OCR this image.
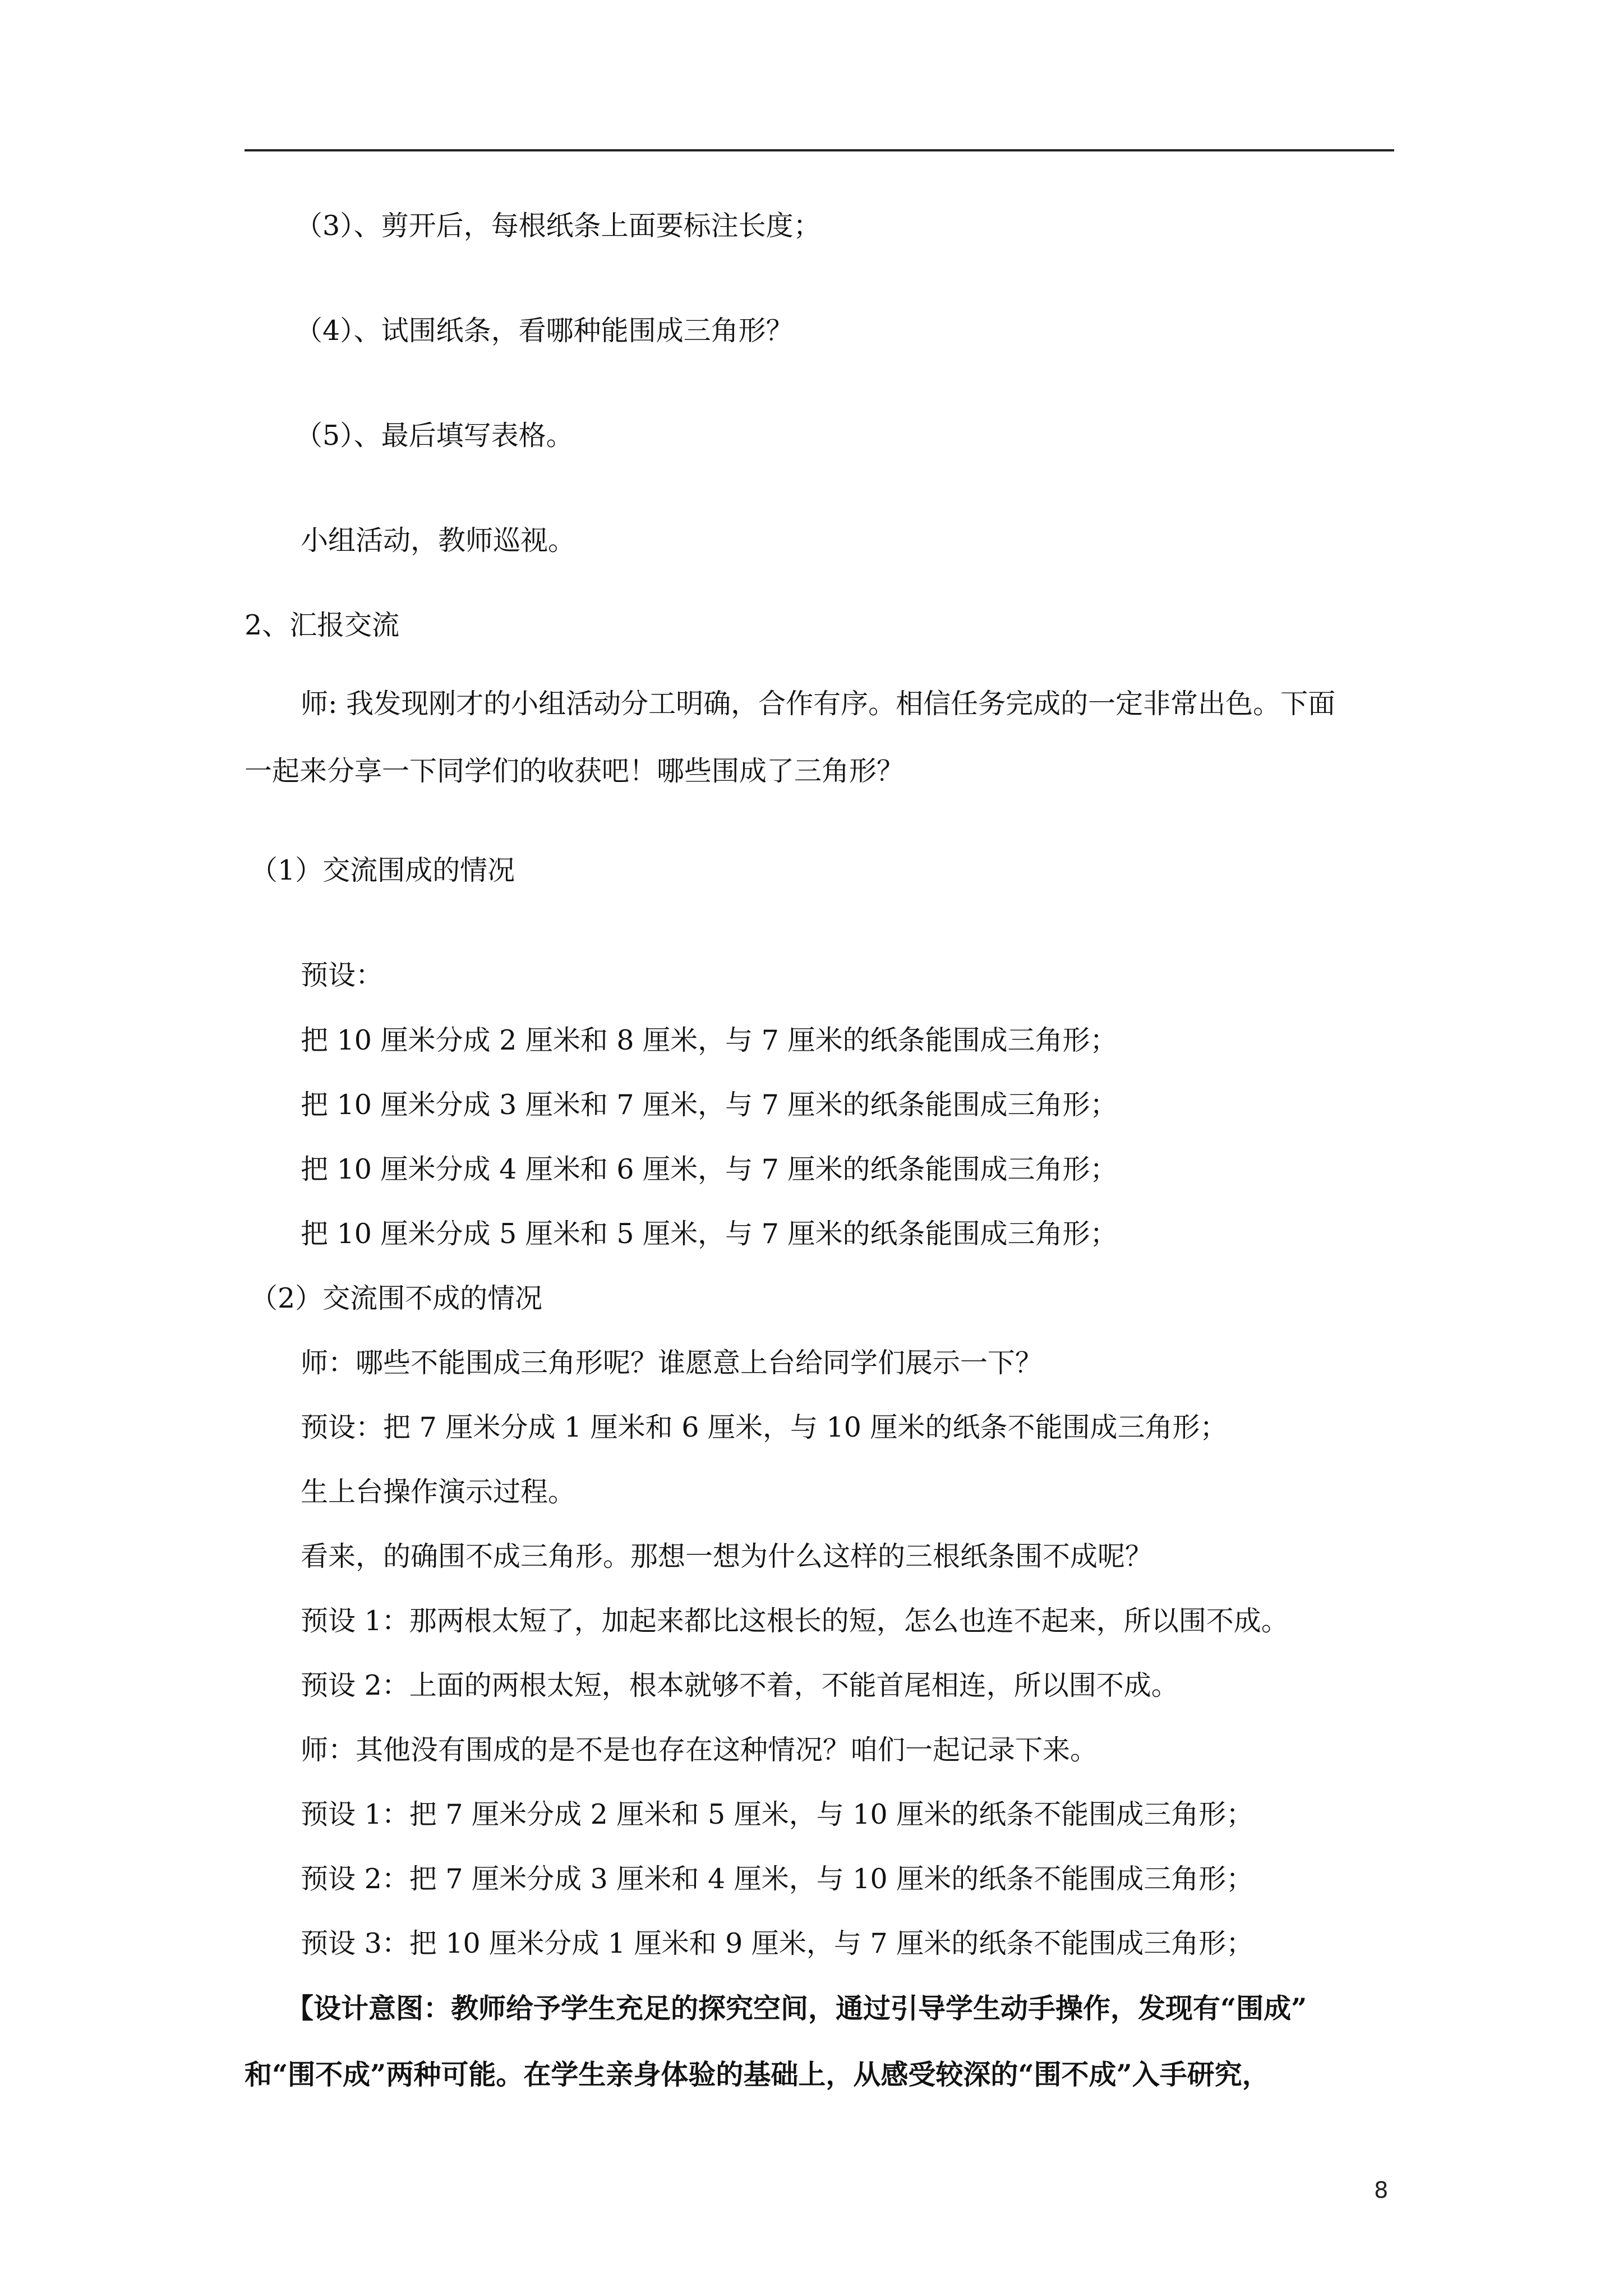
（3）、剪开后，每根纸条上面要标注长度；
（4）、试围纸条，看哪种能围成三角形？
（5）、最后填写表格。
小组活动，教师巡视。
2、汇报交流
师: 我发现刚才的小组活动分工明确，合作有序。相信任务完成的一定非常出色。下面
一起来分享一下同学们的收获吧！哪些围成了三角形？
（1）交流围成的情况
预设：
把 10 厘米分成 2 厘米和 8 厘米，与 7 厘米的纸条能围成三角形；
把 10 厘米分成 3 厘米和 7 厘米，与 7 厘米的纸条能围成三角形；
把 10 厘米分成 4 厘米和 6 厘米，与 7 厘米的纸条能围成三角形；
把 10 厘米分成 5 厘米和 5 厘米，与 7 厘米的纸条能围成三角形；
（2）交流围不成的情况
师：哪些不能围成三角形呢？谁愿意上台给同学们展示一下？
预设：把 7 厘米分成 1 厘米和 6 厘米，与 10 厘米的纸条不能围成三角形；
生上台操作演示过程。
看来，的确围不成三角形。那想一想为什么这样的三根纸条围不成呢？
预设 1：那两根太短了，加起来都比这根长的短，怎么也连不起来，所以围不成。
预设 2：上面的两根太短，根本就够不着，不能首尾相连，所以围不成。
师：其他没有围成的是不是也存在这种情况？咱们一起记录下来。
预设 1：把 7 厘米分成 2 厘米和 5 厘米，与 10 厘米的纸条不能围成三角形；
预设 2：把 7 厘米分成 3 厘米和 4 厘米，与 10 厘米的纸条不能围成三角形；
预设 3：把 10 厘米分成 1 厘米和 9 厘米，与 7 厘米的纸条不能围成三角形；
【设计意图：教师给予学生充足的探究空间，通过引导学生动手操作，发现有“围成”
和“围不成”两种可能。在学生亲身体验的基础上，从感受较深的“围不成”入手研究，
8
